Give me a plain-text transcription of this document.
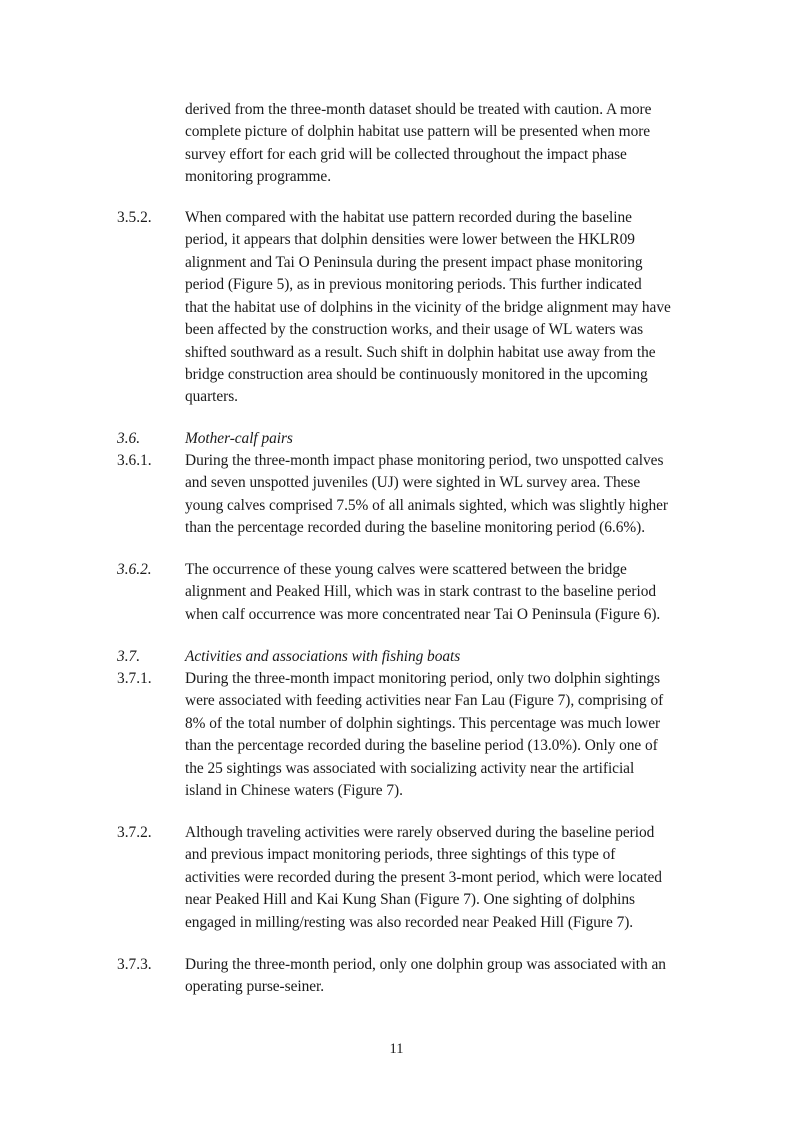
derived from the three-month dataset should be treated with caution. A more
complete picture of dolphin habitat use pattern will be presented when more
survey effort for each grid will be collected throughout the impact phase
monitoring programme.
3.5.2. When compared with the habitat use pattern recorded during the baseline
period, it appears that dolphin densities were lower between the HKLR09
alignment and Tai O Peninsula during the present impact phase monitoring
period (Figure 5), as in previous monitoring periods. This further indicated
that the habitat use of dolphins in the vicinity of the bridge alignment may have
been affected by the construction works, and their usage of WL waters was
shifted southward as a result. Such shift in dolphin habitat use away from the
bridge construction area should be continuously monitored in the upcoming
quarters.
3.6.	Mother-calf pairs
3.6.1. During the three-month impact phase monitoring period, two unspotted calves
and seven unspotted juveniles (UJ) were sighted in WL survey area. These
young calves comprised 7.5% of all animals sighted, which was slightly higher
than the percentage recorded during the baseline monitoring period (6.6%).
3.6.2. The occurrence of these young calves were scattered between the bridge
alignment and Peaked Hill, which was in stark contrast to the baseline period
when calf occurrence was more concentrated near Tai O Peninsula (Figure 6).
3.7.	Activities and associations with fishing boats
3.7.1. During the three-month impact monitoring period, only two dolphin sightings
were associated with feeding activities near Fan Lau (Figure 7), comprising of
8% of the total number of dolphin sightings. This percentage was much lower
than the percentage recorded during the baseline period (13.0%). Only one of
the 25 sightings was associated with socializing activity near the artificial
island in Chinese waters (Figure 7).
3.7.2. Although traveling activities were rarely observed during the baseline period
and previous impact monitoring periods, three sightings of this type of
activities were recorded during the present 3-mont period, which were located
near Peaked Hill and Kai Kung Shan (Figure 7). One sighting of dolphins
engaged in milling/resting was also recorded near Peaked Hill (Figure 7).
3.7.3. During the three-month period, only one dolphin group was associated with an
operating purse-seiner.
11
